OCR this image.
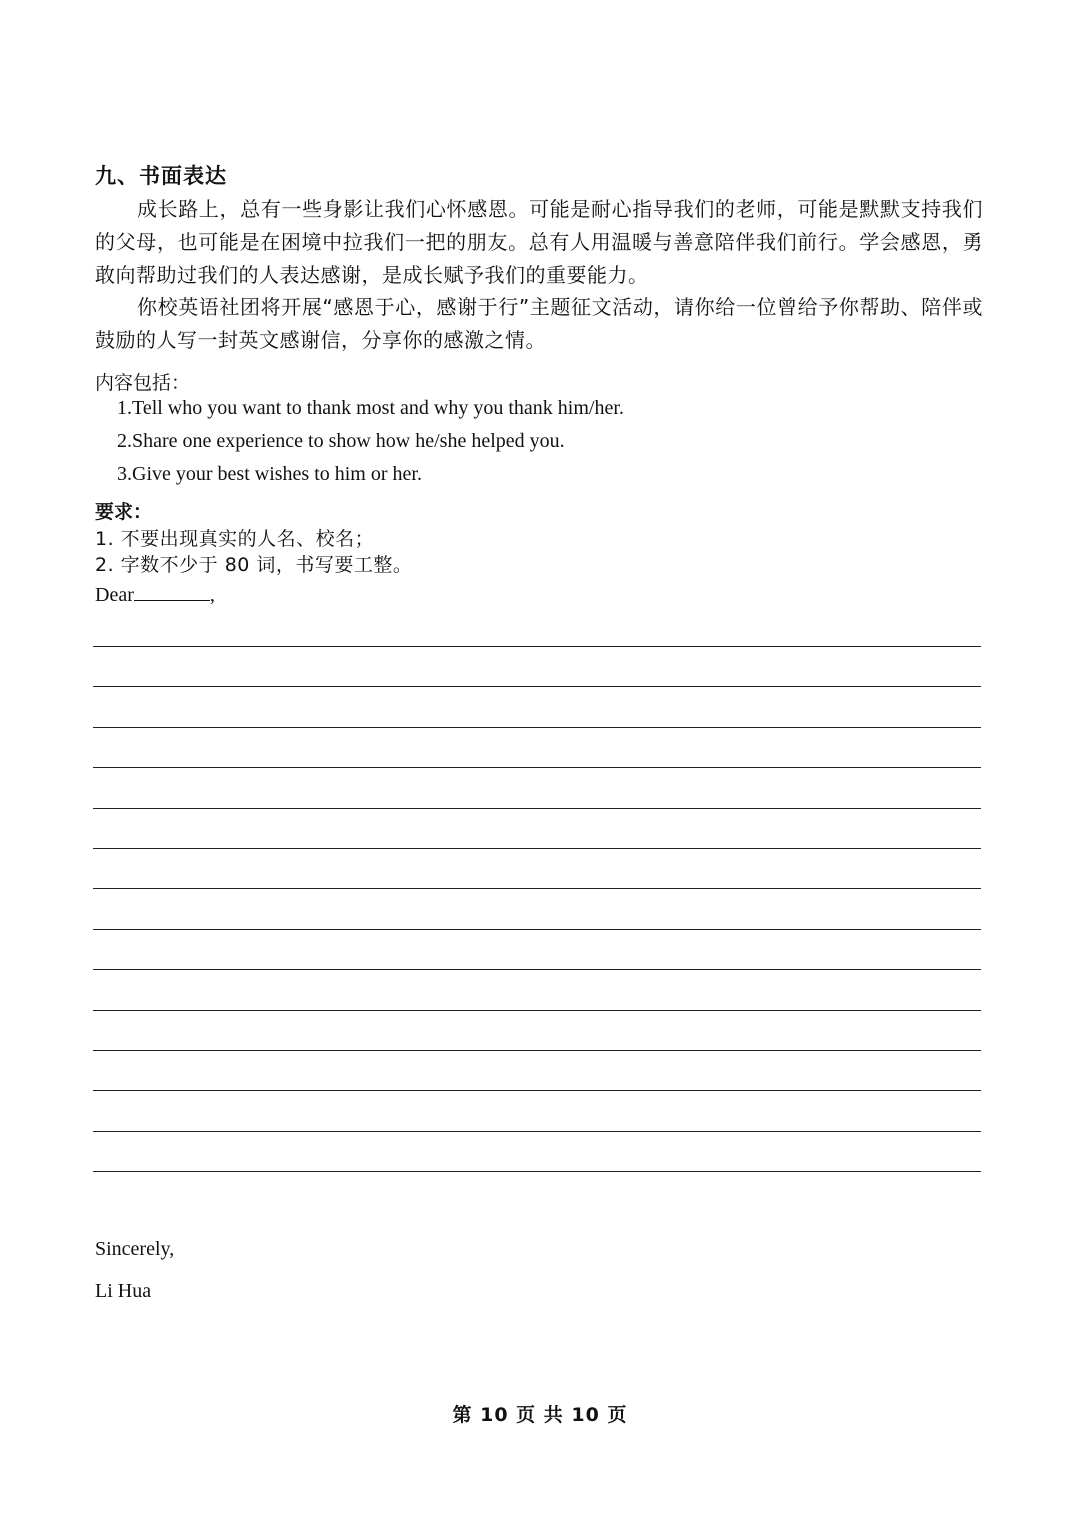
九、书面表达
成长路上，总有一些身影让我们心怀感恩。可能是耐心指导我们的老师，可能是默默支持我们的父母，也可能是在困境中拉我们一把的朋友。总有人用温暖与善意陪伴我们前行。学会感恩，勇敢向帮助过我们的人表达感谢，是成长赋予我们的重要能力。
你校英语社团将开展“感恩于心，感谢于行”主题征文活动，请你给一位曾给予你帮助、陪伴或鼓励的人写一封英文感谢信，分享你的感激之情。
内容包括：
1.Tell who you want to thank most and why you thank him/her.
2.Share one experience to show how he/she helped you.
3.Give your best wishes to him or her.
要求：
1. 不要出现真实的人名、校名；
2. 字数不少于 80 词，书写要工整。
Dear	,
Sincerely,
Li Hua
第 10 页 共 10 页
